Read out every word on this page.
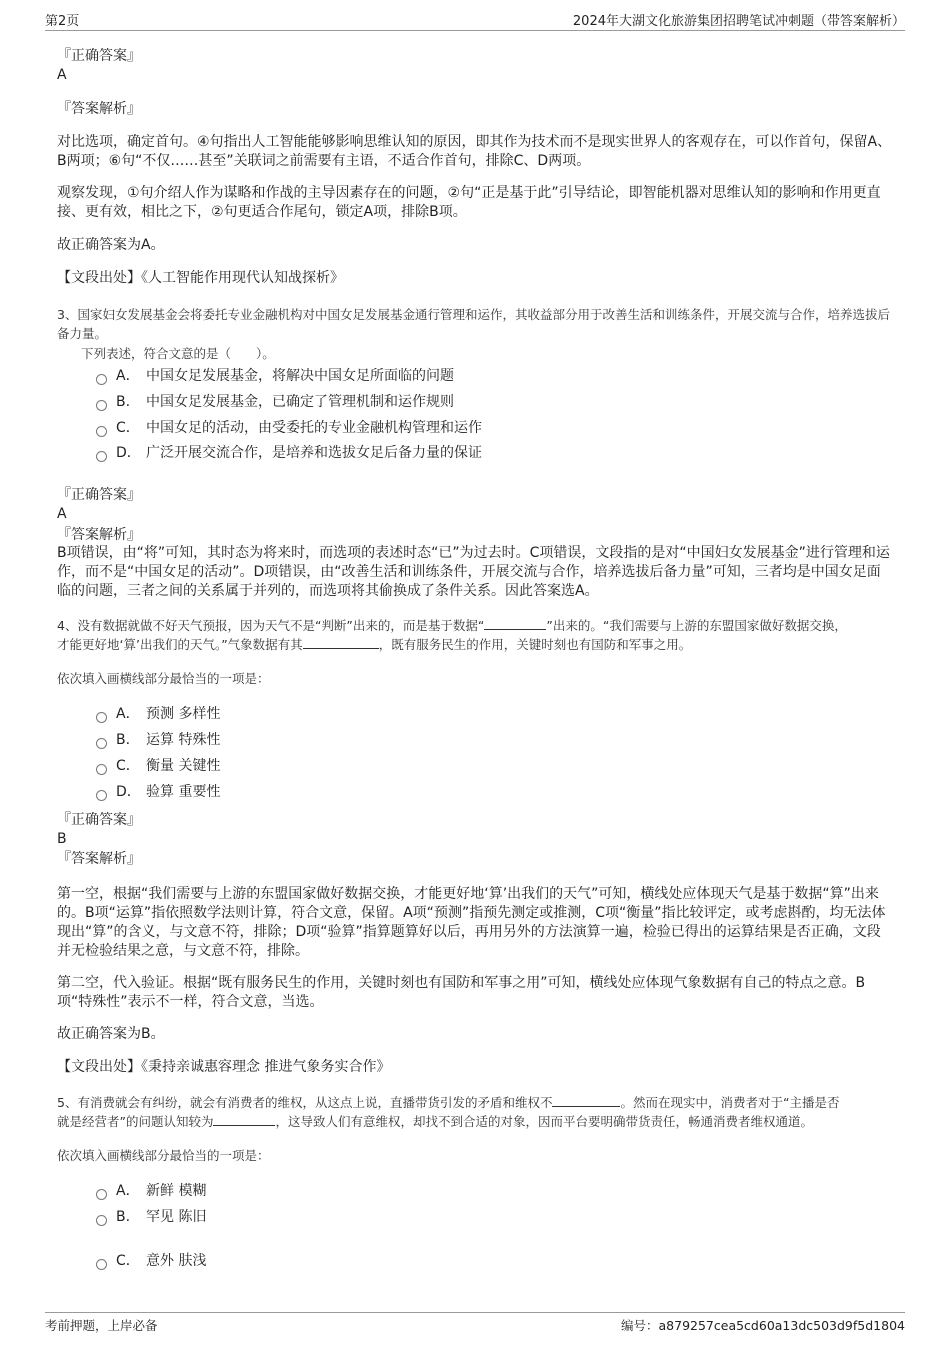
第2页	2024年大湖文化旅游集团招聘笔试冲刺题（带答案解析）

『正确答案』

A

『答案解析』

对比选项，确定首句。④句指出人工智能能够影响思维认知的原因，即其作为技术而不是现实世界人的客观存在，可以作首句，保留A、B两项；⑥句“不仅……甚至”关联词之前需要有主语，不适合作首句，排除C、D两项。

观察发现，①句介绍人作为谋略和作战的主导因素存在的问题，②句“正是基于此”引导结论，即智能机器对思维认知的影响和作用更直接、更有效，相比之下，②句更适合作尾句，锁定A项，排除B项。

故正确答案为A。

【文段出处】《人工智能作用现代认知战探析》

3、国家妇女发展基金会将委托专业金融机构对中国女足发展基金通行管理和运作，其收益部分用于改善生活和训练条件，开展交流与合作，培养选拔后备力量。

下列表述，符合文意的是（　　）。

A． 中国女足发展基金，将解决中国女足所面临的问题
B.	中国女足发展基金，已确定了管理机制和运作规则
C． 中国女足的活动，由受委托的专业金融机构管理和运作
D． 广泛开展交流合作，是培养和选拔女足后备力量的保证

『正确答案』

A

『答案解析』

B项错误，由“将”可知，其时态为将来时，而选项的表述时态“已”为过去时。C项错误，文段指的是对“中国妇女发展基金”进行管理和运作，而不是“中国女足的活动”。D项错误，由“改善生活和训练条件，开展交流与合作，培养选拔后备力量”可知，三者均是中国女足面临的问题，三者之间的关系属于并列的，而选项将其偷换成了条件关系。因此答案选A。

4、没有数据就做不好天气预报，因为天气不是“判断”出来的，而是基于数据“	”出来的。“我们需要与上游的东盟国家做好数据交换，
才能更好地‘算’出我们的天气。”气象数据有其	，既有服务民生的作用，关键时刻也有国防和军事之用。

依次填入画横线部分最恰当的一项是：

A． 预测 多样性
B.	运算 特殊性
C． 衡量 关键性
D． 验算 重要性

『正确答案』

B

『答案解析』

第一空，根据“我们需要与上游的东盟国家做好数据交换，才能更好地‘算’出我们的天气”可知，横线处应体现天气是基于数据“算”出来的。B项“运算”指依照数学法则计算，符合文意，保留。A项“预测”指预先测定或推测，C项“衡量”指比较评定，或考虑斟酌，均无法体现出“算”的含义，与文意不符，排除；D项“验算”指算题算好以后，再用另外的方法演算一遍，检验已得出的运算结果是否正确，文段并无检验结果之意，与文意不符，排除。

第二空，代入验证。根据“既有服务民生的作用，关键时刻也有国防和军事之用”可知，横线处应体现气象数据有自己的特点之意。B项“特殊性”表示不一样，符合文意，当选。

故正确答案为B。

【文段出处】《秉持亲诚惠容理念 推进气象务实合作》

5、有消费就会有纠纷，就会有消费者的维权，从这点上说，直播带货引发的矛盾和维权不	。然而在现实中，消费者对于“主播是否
就是经营者”的问题认知较为	，这导致人们有意维权，却找不到合适的对象，因而平台要明确带货责任，畅通消费者维权通道。

依次填入画横线部分最恰当的一项是：

A． 新鲜 模糊
B.	罕见 陈旧
C． 意外 肤浅
考前押题，上岸必备	编号：a879257cea5cd60a13dc503d9f5d1804
